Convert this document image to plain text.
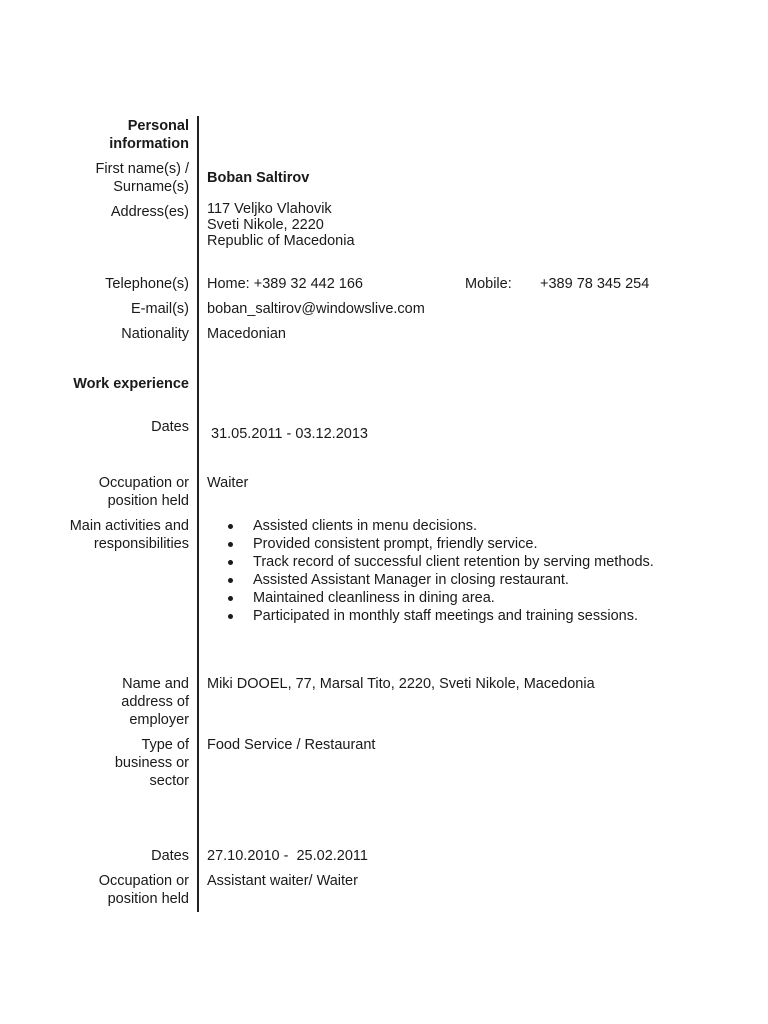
Personal information
First name(s) / Surname(s)
Boban Saltirov
Address(es) 117 Veljko Vlahovik
Sveti Nikole, 2220
Republic of Macedonia
Telephone(s) Home: +389 32 442 166	Mobile: +389 78 345 254
E-mail(s) boban_saltirov@windowslive.com
Nationality Macedonian
Work experience
Dates 31.05.2011 - 03.12.2013
Occupation or position held
Waiter
Main activities and responsibilities
Assisted clients in menu decisions.
Provided consistent prompt, friendly service.
Track record of successful client retention by serving methods.
Assisted Assistant Manager in closing restaurant.
Maintained cleanliness in dining area.
Participated in monthly staff meetings and training sessions.
Name and address of employer
Miki DOOEL, 77, Marsal Tito, 2220, Sveti Nikole, Macedonia
Type of business or sector
Food Service / Restaurant
Dates 27.10.2010 -  25.02.2011
Occupation or position held
Assistant waiter/ Waiter
